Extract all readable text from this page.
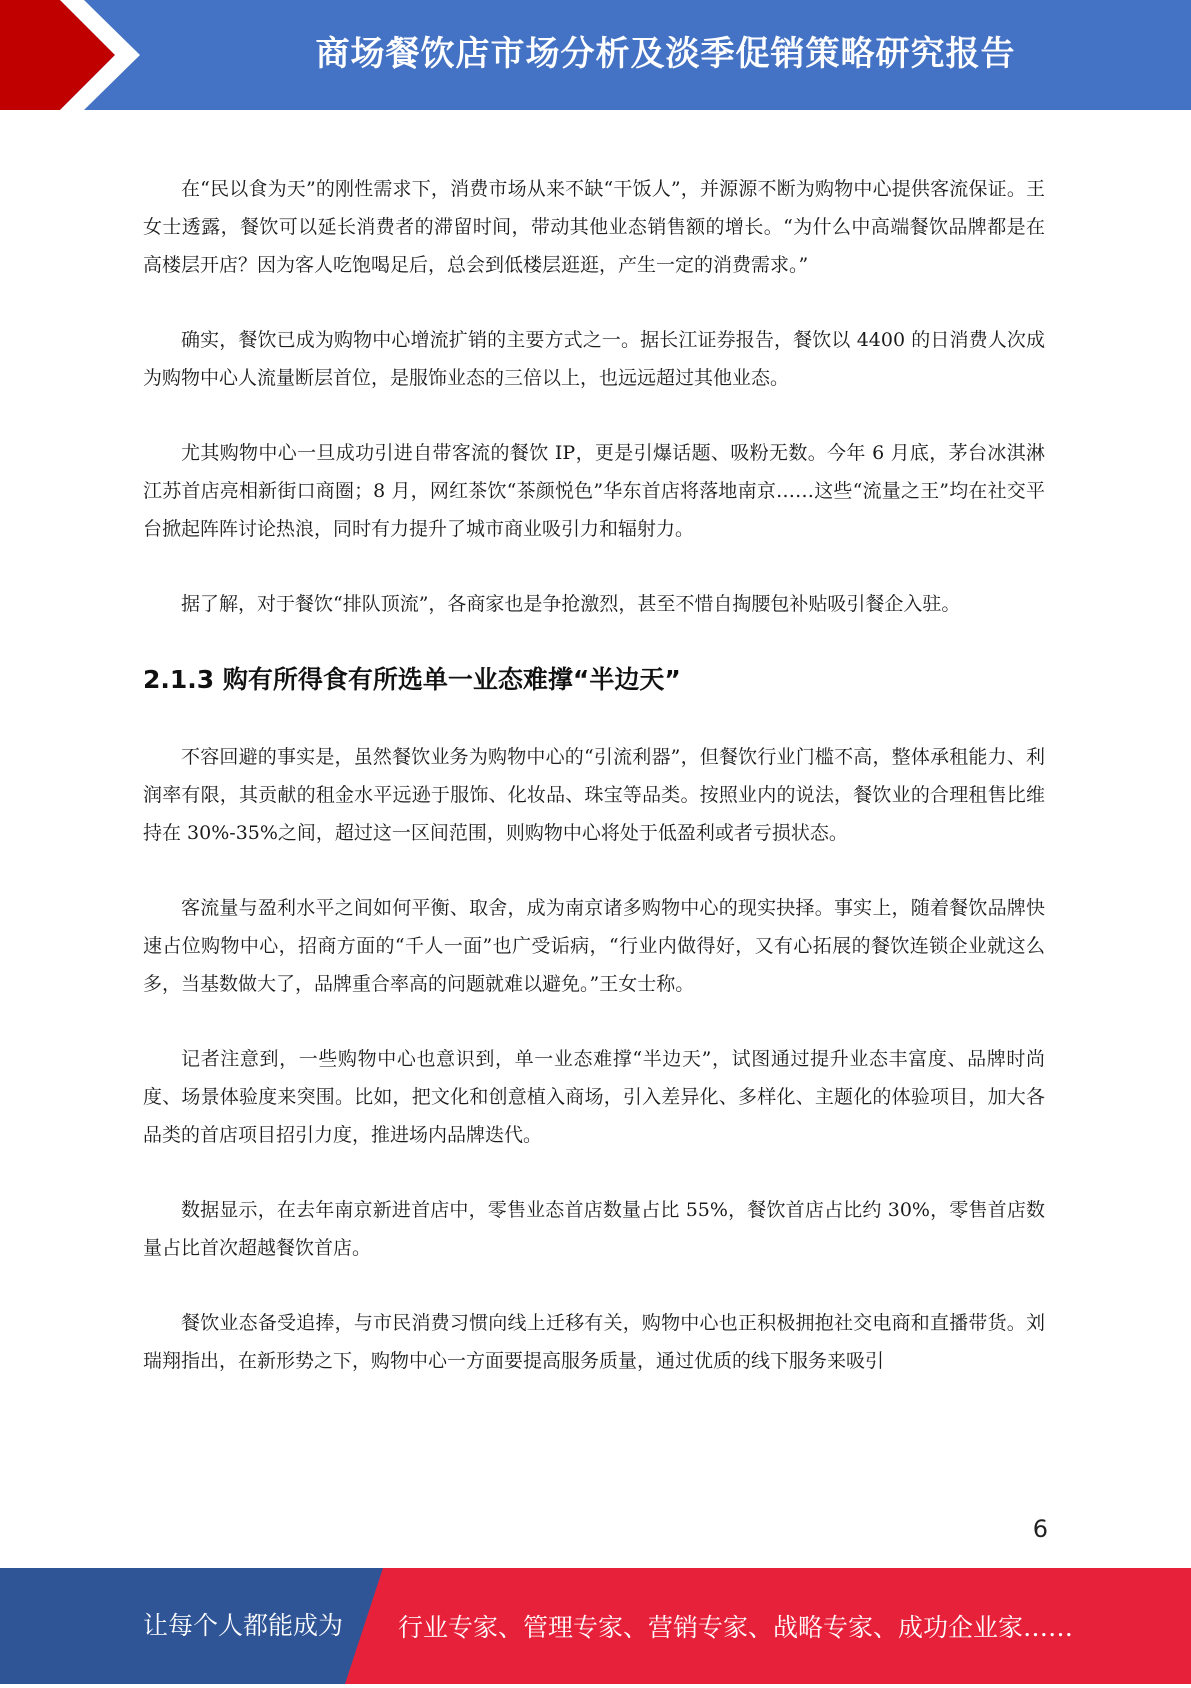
商场餐饮店市场分析及淡季促销策略研究报告

在“民以食为天”的刚性需求下，消费市场从来不缺“干饭人”，并源源不断为购物中心提供客流保证。王女士透露，餐饮可以延长消费者的滞留时间，带动其他业态销售额的增长。“为什么中高端餐饮品牌都是在高楼层开店？因为客人吃饱喝足后，总会到低楼层逛逛，产生一定的消费需求。”

确实，餐饮已成为购物中心增流扩销的主要方式之一。据长江证券报告，餐饮以 4400 的日消费人次成为购物中心人流量断层首位，是服饰业态的三倍以上，也远远超过其他业态。

尤其购物中心一旦成功引进自带客流的餐饮 IP，更是引爆话题、吸粉无数。今年 6 月底，茅台冰淇淋江苏首店亮相新街口商圈；8 月，网红茶饮“茶颜悦色”华东首店将落地南京……这些“流量之王”均在社交平台掀起阵阵讨论热浪，同时有力提升了城市商业吸引力和辐射力。

据了解，对于餐饮“排队顶流”，各商家也是争抢激烈，甚至不惜自掏腰包补贴吸引餐企入驻。

2.1.3 购有所得食有所选单一业态难撑“半边天”

不容回避的事实是，虽然餐饮业务为购物中心的“引流利器”，但餐饮行业门槛不高，整体承租能力、利润率有限，其贡献的租金水平远逊于服饰、化妆品、珠宝等品类。按照业内的说法，餐饮业的合理租售比维持在 30%-35%之间，超过这一区间范围，则购物中心将处于低盈利或者亏损状态。

客流量与盈利水平之间如何平衡、取舍，成为南京诸多购物中心的现实抉择。事实上，随着餐饮品牌快速占位购物中心，招商方面的“千人一面”也广受诟病，“行业内做得好，又有心拓展的餐饮连锁企业就这么多，当基数做大了，品牌重合率高的问题就难以避免。”王女士称。

记者注意到，一些购物中心也意识到，单一业态难撑“半边天”，试图通过提升业态丰富度、品牌时尚度、场景体验度来突围。比如，把文化和创意植入商场，引入差异化、多样化、主题化的体验项目，加大各品类的首店项目招引力度，推进场内品牌迭代。

数据显示，在去年南京新进首店中，零售业态首店数量占比 55%，餐饮首店占比约 30%，零售首店数量占比首次超越餐饮首店。

餐饮业态备受追捧，与市民消费习惯向线上迁移有关，购物中心也正积极拥抱社交电商和直播带货。刘瑞翔指出，在新形势之下，购物中心一方面要提高服务质量，通过优质的线下服务来吸引

6
让每个人都能成为 行业专家、管理专家、营销专家、战略专家、成功企业家……
